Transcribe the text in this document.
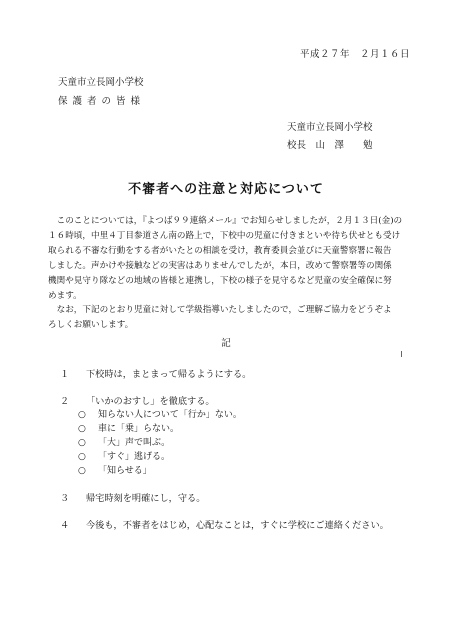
平成２７年　２月１６日
天童市立長岡小学校
保護者の皆様
天童市立長岡小学校
校長　山　澤　　勉
不審者への注意と対応について
　このことについては，『よつば９９連絡メール』でお知らせしましたが，２月１３日(金)の
１６時頃，中里４丁目参道さん南の路上で，下校中の児童に付きまといや待ち伏せとも受け
取られる不審な行動をする者がいたとの相談を受け，教育委員会並びに天童警察署に報告
しました。声かけや接触などの実害はありませんでしたが，本日，改めて警察署等の関係
機関や見守り隊などの地域の皆様と連携し，下校の様子を見守るなど児童の安全確保に努
めます。
　なお，下記のとおり児童に対して学級指導いたしましたので，ご理解ご協力をどうぞよ
ろしくお願いします。
記
１ 下校時は，まとまって帰るようにする。
２ 「いかのおすし」を徹底する。
○ 知らない人について「行か」ない。
○ 車に「乗」らない。
○ 「大」声で叫ぶ。
○ 「すぐ」逃げる。
○ 「知らせる」
３ 帰宅時刻を明確にし，守る。
４ 今後も，不審者をはじめ，心配なことは，すぐに学校にご連絡ください。
